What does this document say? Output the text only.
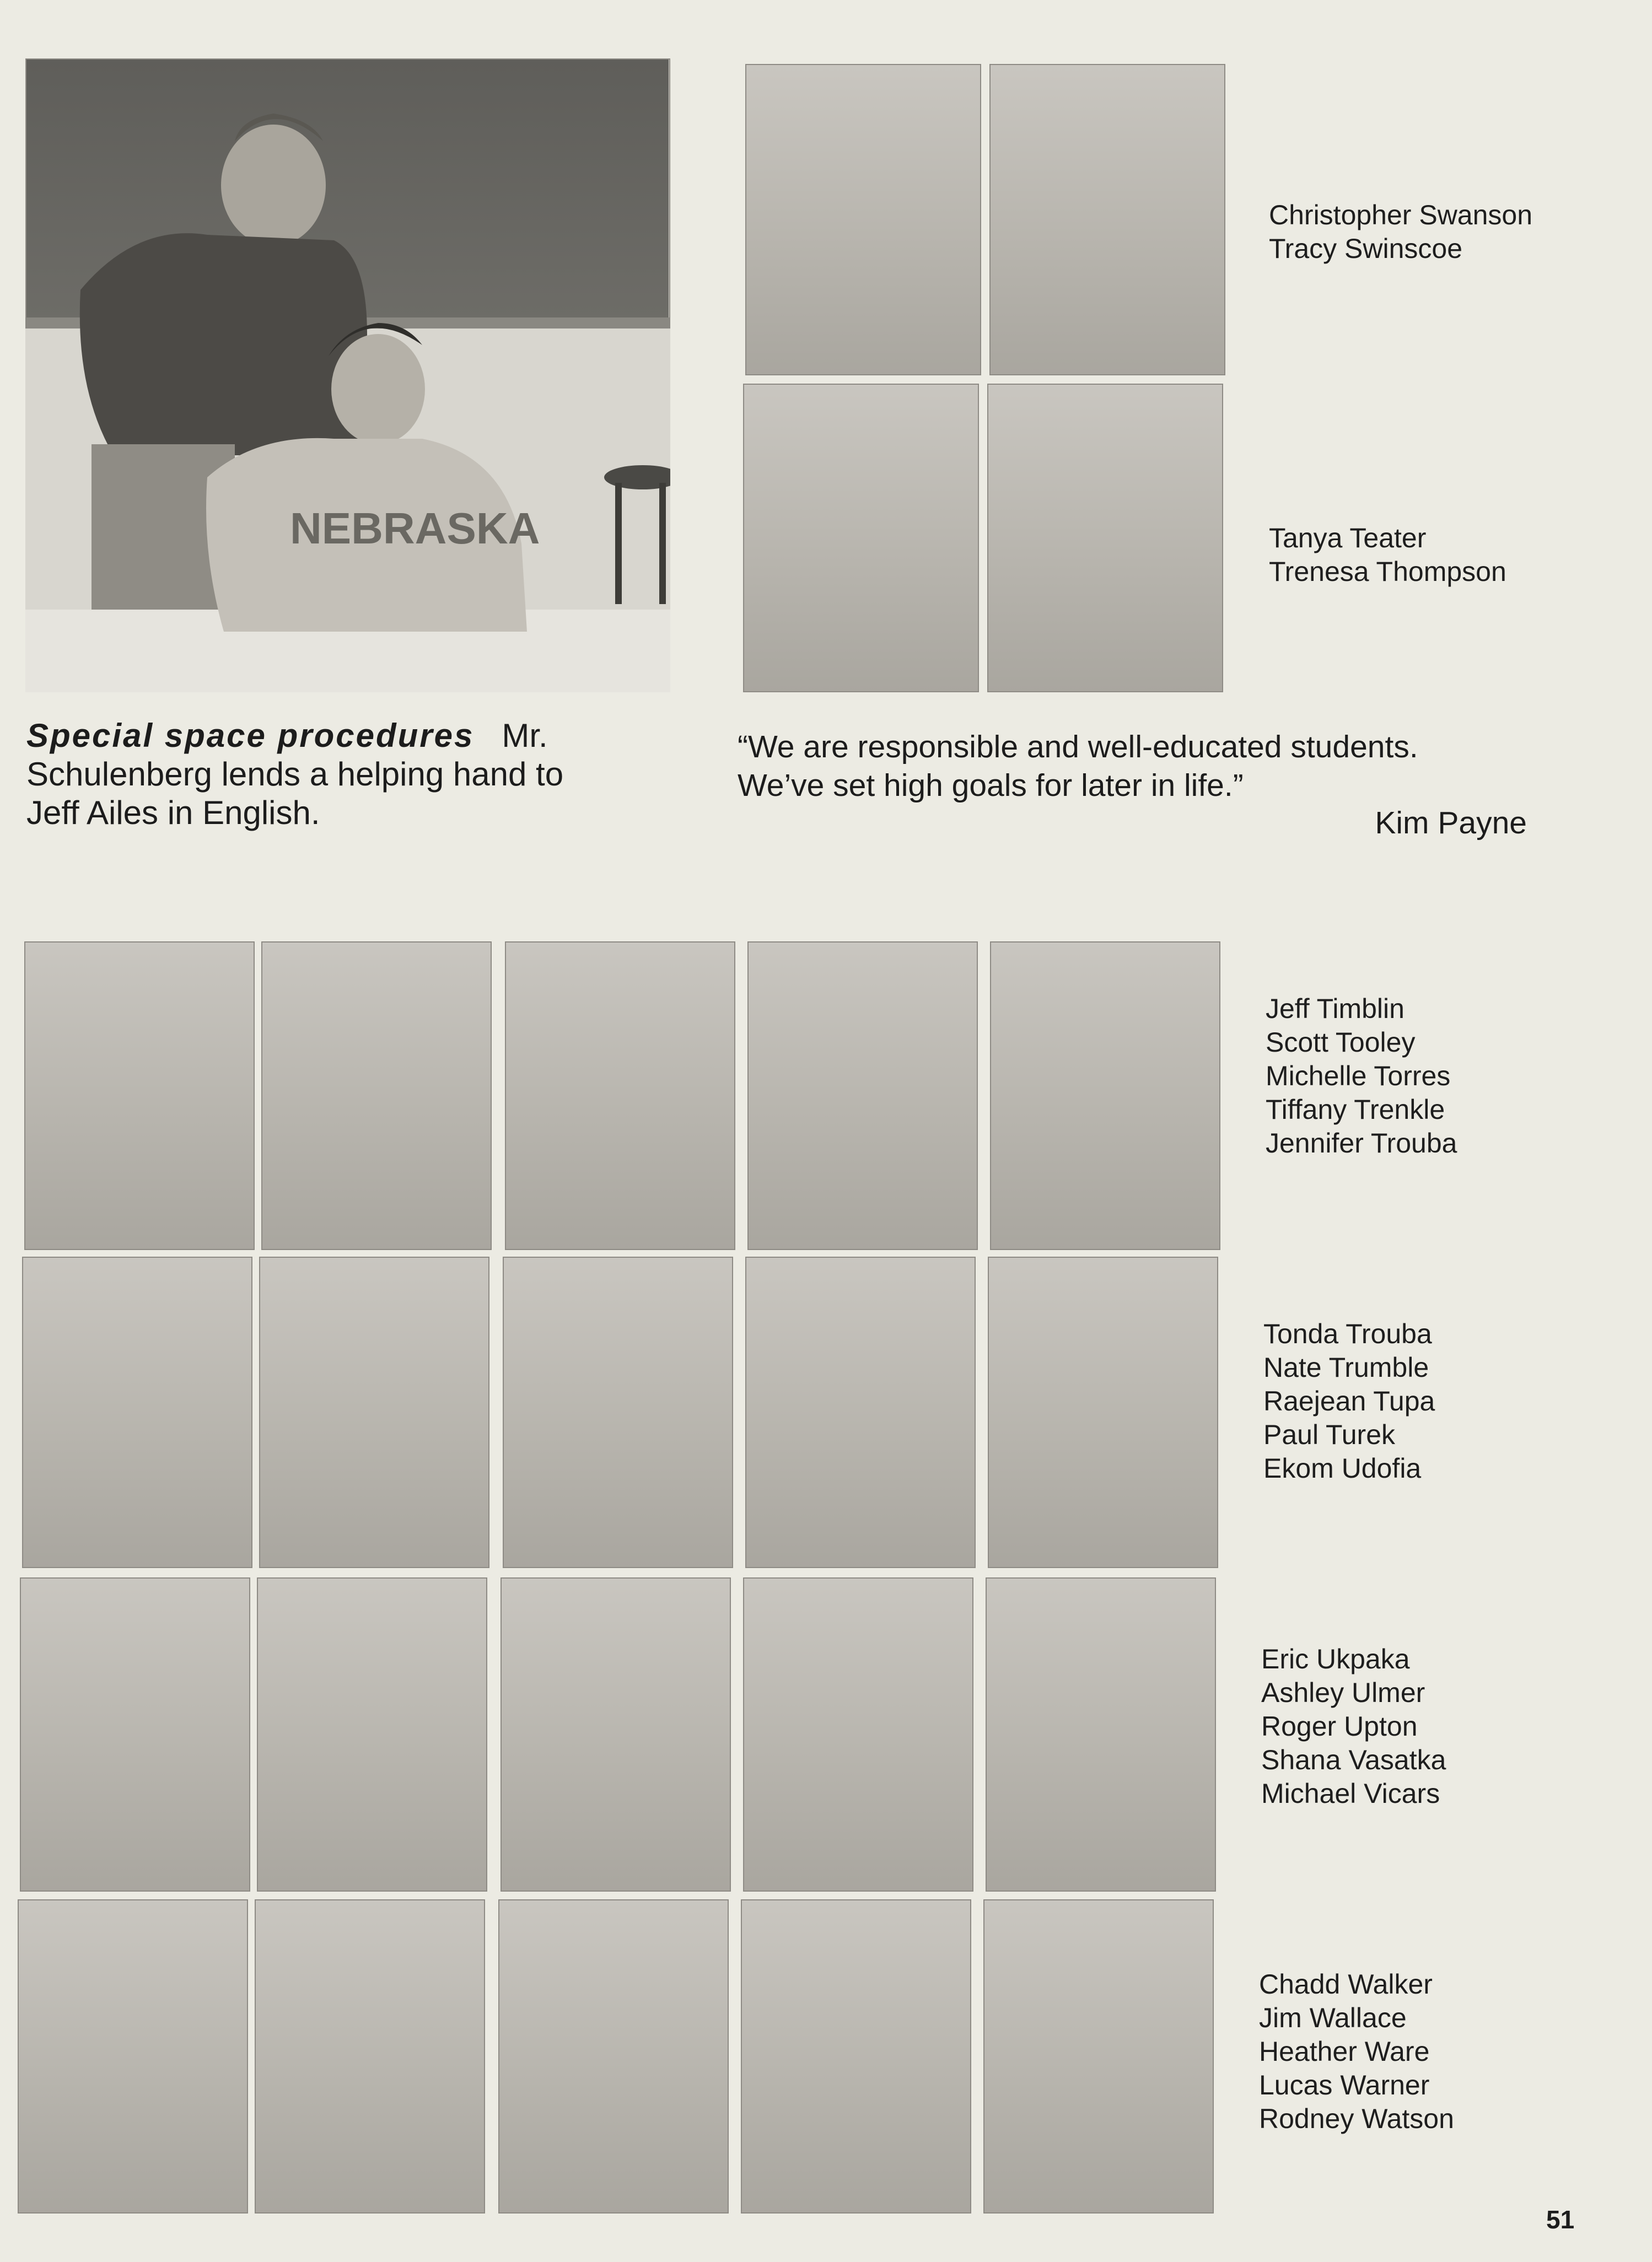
NEBRASKA
Christopher Swanson
Tracy Swinscoe
Tanya Teater
Trenesa Thompson
Special space procedures Mr.
Schulenberg lends a helping hand to
Jeff Ailes in English.
“We are responsible and well-educated students.
We’ve set high goals for later in life.”
Kim Payne
Jeff Timblin
Scott Tooley
Michelle Torres
Tiffany Trenkle
Jennifer Trouba
Tonda Trouba
Nate Trumble
Raejean Tupa
Paul Turek
Ekom Udofia
Eric Ukpaka
Ashley Ulmer
Roger Upton
Shana Vasatka
Michael Vicars
Chadd Walker
Jim Wallace
Heather Ware
Lucas Warner
Rodney Watson
51
